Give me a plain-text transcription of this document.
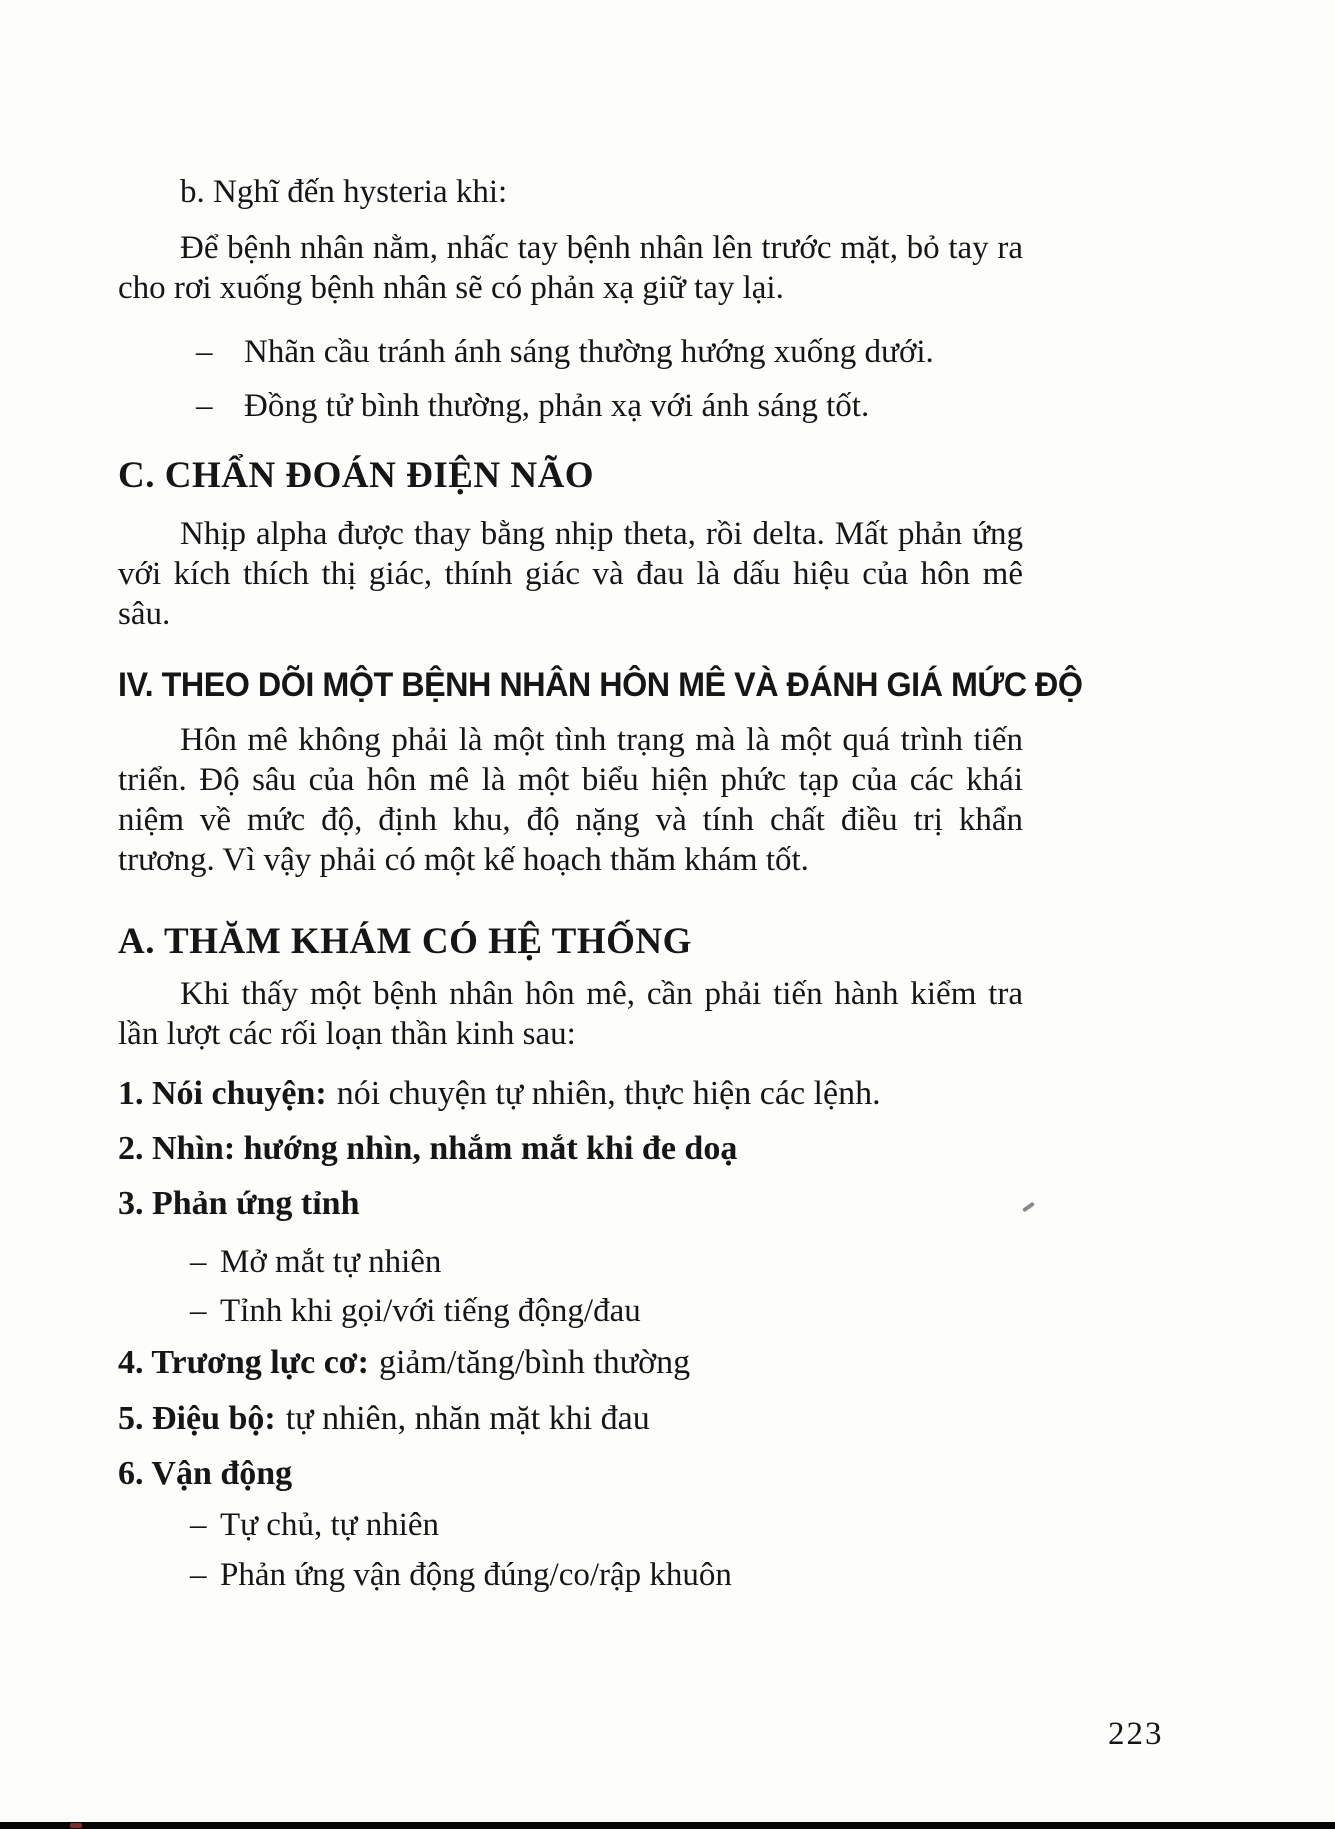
b. Nghĩ đến hysteria khi:

Để bệnh nhân nằm, nhấc tay bệnh nhân lên trước mặt, bỏ tay ra cho rơi xuống bệnh nhân sẽ có phản xạ giữ tay lại.

– Nhãn cầu tránh ánh sáng thường hướng xuống dưới.
– Đồng tử bình thường, phản xạ với ánh sáng tốt.
C. CHẨN ĐOÁN ĐIỆN NÃO

Nhịp alpha được thay bằng nhịp theta, rồi delta. Mất phản ứng với kích thích thị giác, thính giác và đau là dấu hiệu của hôn mê sâu.

IV. THEO DÕI MỘT BỆNH NHÂN HÔN MÊ VÀ ĐÁNH GIÁ MỨC ĐỘ

Hôn mê không phải là một tình trạng mà là một quá trình tiến triển. Độ sâu của hôn mê là một biểu hiện phức tạp của các khái niệm về mức độ, định khu, độ nặng và tính chất điều trị khẩn trương. Vì vậy phải có một kế hoạch thăm khám tốt.

A. THĂM KHÁM CÓ HỆ THỐNG

Khi thấy một bệnh nhân hôn mê, cần phải tiến hành kiểm tra lần lượt các rối loạn thần kinh sau:

1. Nói chuyện: nói chuyện tự nhiên, thực hiện các lệnh.
2. Nhìn: hướng nhìn, nhắm mắt khi đe doạ
3. Phản ứng tỉnh
– Mở mắt tự nhiên
– Tỉnh khi gọi/với tiếng động/đau
4. Trương lực cơ: giảm/tăng/bình thường
5. Điệu bộ: tự nhiên, nhăn mặt khi đau
6. Vận động
– Tự chủ, tự nhiên
– Phản ứng vận động đúng/co/rập khuôn
223
